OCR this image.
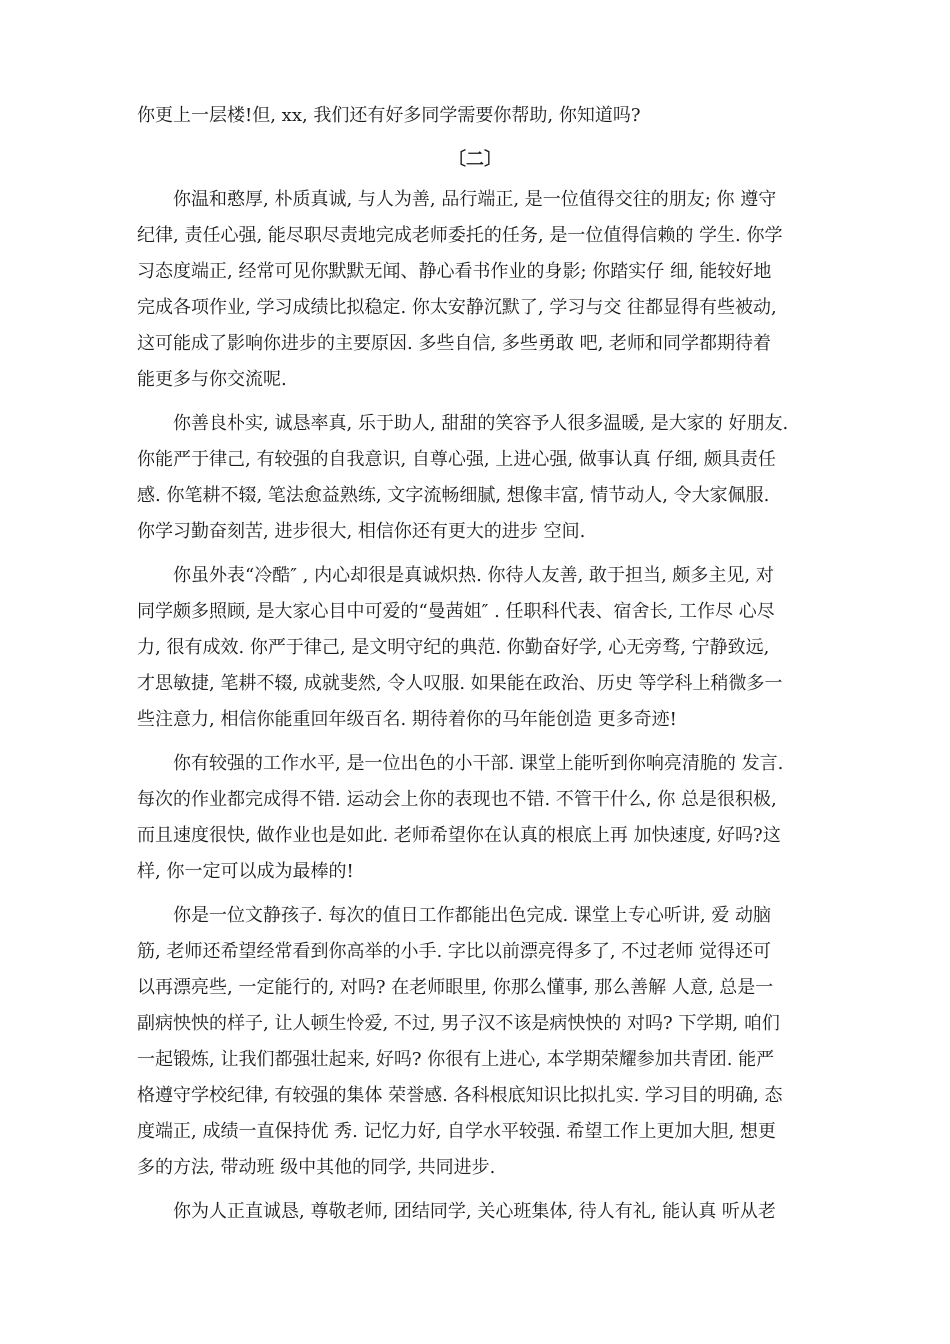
你更上一层楼!但, xx, 我们还有好多同学需要你帮助, 你知道吗?
〔二〕
你温和憨厚, 朴质真诚, 与人为善, 品行端正, 是一位值得交往的朋友; 你 遵守
纪律, 责任心强, 能尽职尽责地完成老师委托的任务, 是一位值得信赖的 学生. 你学
习态度端正, 经常可见你默默无闻、静心看书作业的身影; 你踏实仔 细, 能较好地
完成各项作业, 学习成绩比拟稳定. 你太安静沉默了, 学习与交 往都显得有些被动,
这可能成了影响你进步的主要原因. 多些自信, 多些勇敢 吧, 老师和同学都期待着
能更多与你交流呢.
你善良朴实, 诚恳率真, 乐于助人, 甜甜的笑容予人很多温暖, 是大家的 好朋友.
你能严于律己, 有较强的自我意识, 自尊心强, 上进心强, 做事认真 仔细, 颇具责任
感. 你笔耕不辍, 笔法愈益熟练, 文字流畅细腻, 想像丰富, 情节动人, 令大家佩服.
你学习勤奋刻苦, 进步很大, 相信你还有更大的进步 空间.
你虽外表“冷酷″ , 内心却很是真诚炽热. 你待人友善, 敢于担当, 颇多主见, 对
同学颇多照顾, 是大家心目中可爱的“曼茜姐″ . 任职科代表、宿舍长, 工作尽 心尽
力, 很有成效. 你严于律己, 是文明守纪的典范. 你勤奋好学, 心无旁骛, 宁静致远,
才思敏捷, 笔耕不辍, 成就斐然, 令人叹服. 如果能在政治、历史 等学科上稍微多一
些注意力, 相信你能重回年级百名. 期待着你的马年能创造 更多奇迹!
你有较强的工作水平, 是一位出色的小干部. 课堂上能听到你响亮清脆的 发言.
每次的作业都完成得不错. 运动会上你的表现也不错. 不管干什么, 你 总是很积极,
而且速度很快, 做作业也是如此. 老师希望你在认真的根底上再 加快速度, 好吗?这
样, 你一定可以成为最棒的!
你是一位文静孩子. 每次的值日工作都能出色完成. 课堂上专心听讲, 爱 动脑
筋, 老师还希望经常看到你高举的小手. 字比以前漂亮得多了, 不过老师 觉得还可
以再漂亮些, 一定能行的, 对吗? 在老师眼里, 你那么懂事, 那么善解 人意, 总是一
副病怏怏的样子, 让人顿生怜爱, 不过, 男子汉不该是病怏怏的 对吗? 下学期, 咱们
一起锻炼, 让我们都强壮起来, 好吗? 你很有上进心, 本学期荣耀参加共青团. 能严
格遵守学校纪律, 有较强的集体 荣誉感. 各科根底知识比拟扎实. 学习目的明确, 态
度端正, 成绩一直保持优 秀. 记忆力好, 自学水平较强. 希望工作上更加大胆, 想更
多的方法, 带动班 级中其他的同学, 共同进步.
你为人正直诚恳, 尊敬老师, 团结同学, 关心班集体, 待人有礼, 能认真 听从老
